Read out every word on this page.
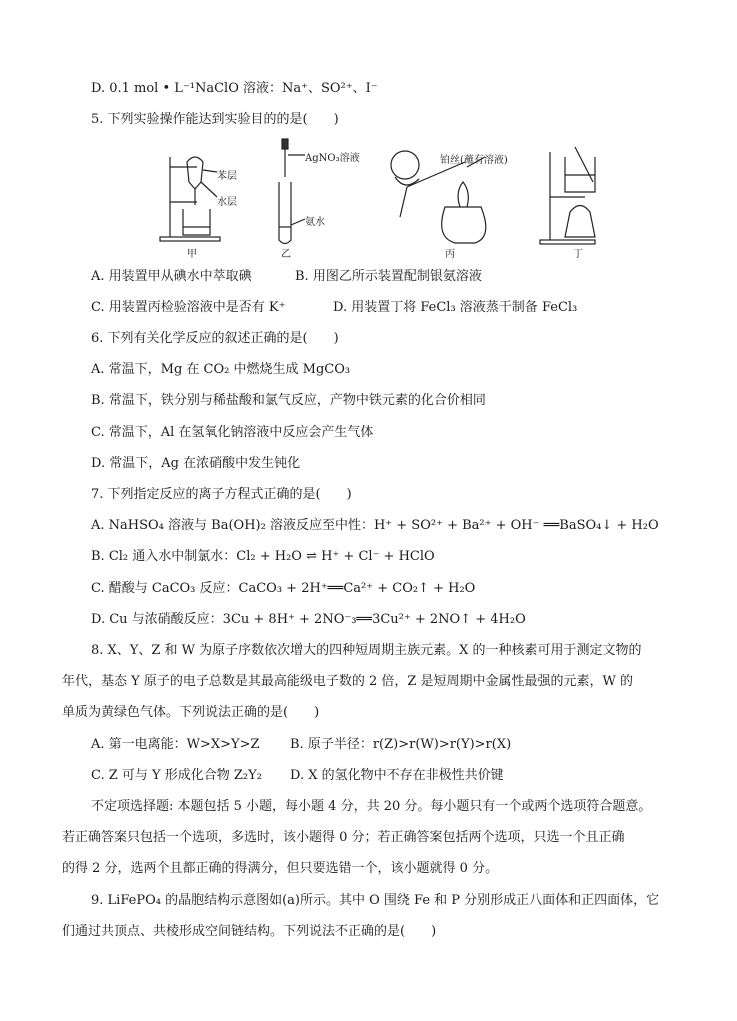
D. 0.1 mol • L⁻¹NaClO 溶液：Na⁺、SO²⁺、I⁻
5. 下列实验操作能达到实验目的的是(　　)
苯层
水层
AgNO₃溶液
氨水
铂丝(蘸有溶液)
甲	乙	丙	丁
A. 用装置甲从碘水中萃取碘	B. 用图乙所示装置配制银氨溶液
C. 用装置丙检验溶液中是否有 K⁺	D. 用装置丁将 FeCl₃ 溶液蒸干制备 FeCl₃
6. 下列有关化学反应的叙述正确的是(　　)
A. 常温下，Mg 在 CO₂ 中燃烧生成 MgCO₃
B. 常温下，铁分别与稀盐酸和氯气反应，产物中铁元素的化合价相同
C. 常温下，Al 在氢氧化钠溶液中反应会产生气体
D. 常温下，Ag 在浓硝酸中发生钝化
7. 下列指定反应的离子方程式正确的是(　　)
A. NaHSO₄ 溶液与 Ba(OH)₂ 溶液反应至中性：H⁺ + SO²⁺ + Ba²⁺ + OH⁻ ══BaSO₄↓ + H₂O
B. Cl₂ 通入水中制氯水：Cl₂ + H₂O ⇌ H⁺ + Cl⁻ + HClO
C. 醋酸与 CaCO₃ 反应：CaCO₃ + 2H⁺══Ca²⁺ + CO₂↑ + H₂O
D. Cu 与浓硝酸反应：3Cu + 8H⁺ + 2NO⁻₃══3Cu²⁺ + 2NO↑ + 4H₂O
8. X、Y、Z 和 W 为原子序数依次增大的四种短周期主族元素。X 的一种核素可用于测定文物的
年代，基态 Y 原子的电子总数是其最高能级电子数的 2 倍，Z 是短周期中金属性最强的元素，W 的
单质为黄绿色气体。下列说法正确的是(　　)
A. 第一电离能：W>X>Y>Z B. 原子半径：r(Z)>r(W)>r(Y)>r(X)
C. Z 可与 Y 形成化合物 Z₂Y₂ D. X 的氢化物中不存在非极性共价键
不定项选择题: 本题包括 5 小题，每小题 4 分，共 20 分。每小题只有一个或两个选项符合题意。
若正确答案只包括一个选项，多选时，该小题得 0 分；若正确答案包括两个选项，只选一个且正确
的得 2 分，选两个且都正确的得满分，但只要选错一个，该小题就得 0 分。
9. LiFePO₄ 的晶胞结构示意图如(a)所示。其中 O 围绕 Fe 和 P 分别形成正八面体和正四面体，它
们通过共顶点、共棱形成空间链结构。下列说法不正确的是(　　)
